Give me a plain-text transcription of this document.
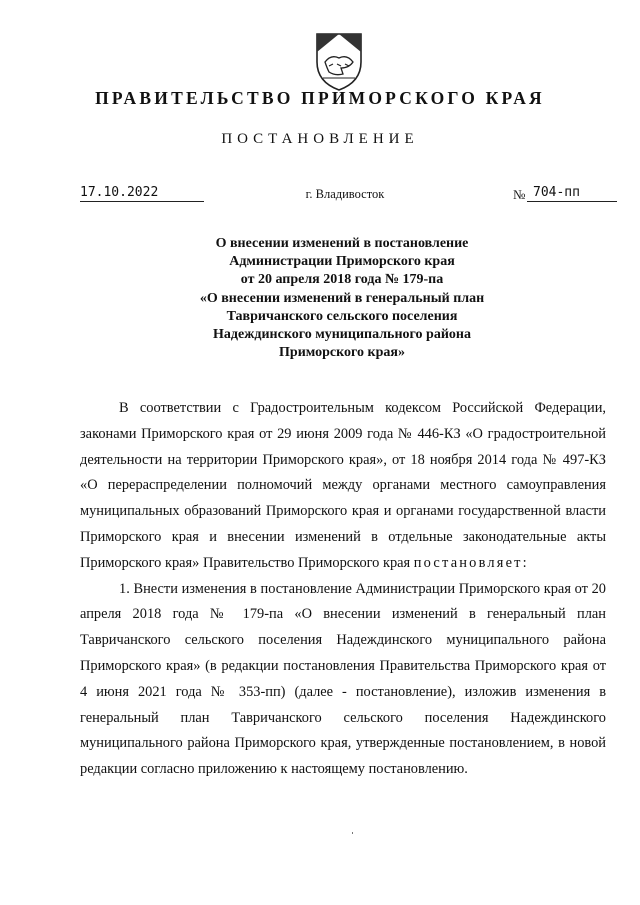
ПРАВИТЕЛЬСТВО ПРИМОРСКОГО КРАЯ
ПОСТАНОВЛЕНИЕ
17.10.2022	г. Владивосток	№ 704-пп
О внесении изменений в постановление
Администрации Приморского края
от 20 апреля 2018 года № 179-па
«О внесении изменений в генеральный план
Тавричанского сельского поселения
Надеждинского муниципального района
Приморского края»

В соответствии с Градостроительным кодексом Российской Федерации, законами Приморского края от 29 июня 2009 года № 446-КЗ «О градостроительной деятельности на территории Приморского края», от 18 ноября 2014 года № 497-КЗ «О перераспределении полномочий между органами местного самоуправления муниципальных образований Приморского края и органами государственной власти Приморского края и внесении изменений в отдельные законодательные акты Приморского края» Правительство Приморского края постановляет:

1. Внести изменения в постановление Администрации Приморского края от 20 апреля 2018 года № 179-па «О внесении изменений в генеральный план Тавричанского сельского поселения Надеждинского муниципального района Приморского края» (в редакции постановления Правительства Приморского края от 4 июня 2021 года № 353-пп) (далее - постановление), изложив изменения в генеральный план Тавричанского сельского поселения Надеждинского муниципального района Приморского края, утвержденные постановлением, в новой редакции согласно приложению к настоящему постановлению.
